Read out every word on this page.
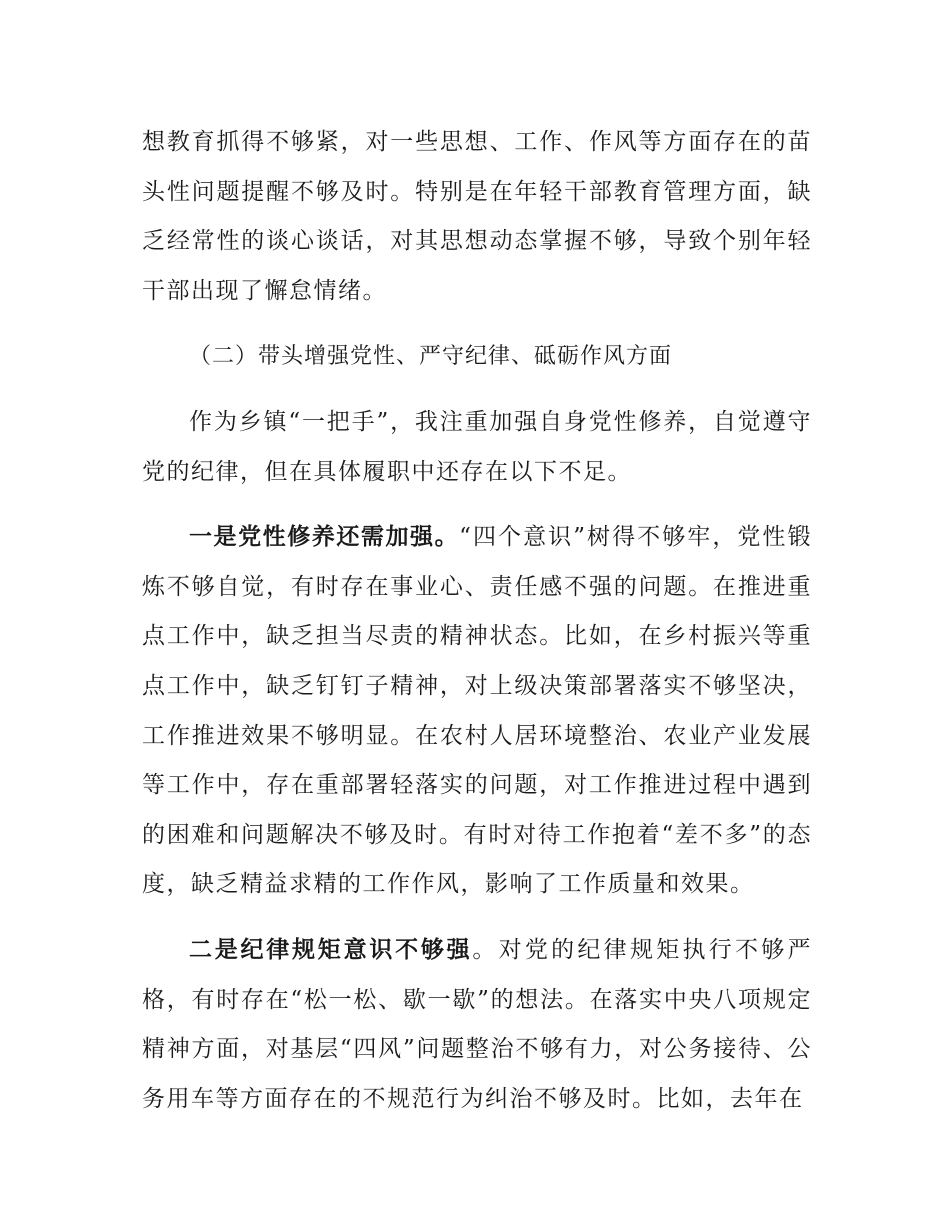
想教育抓得不够紧，对一些思想、工作、作风等方面存在的苗头性问题提醒不够及时。特别是在年轻干部教育管理方面，缺乏经常性的谈心谈话，对其思想动态掌握不够，导致个别年轻干部出现了懈怠情绪。

（二）带头增强党性、严守纪律、砥砺作风方面

作为乡镇“一把手”，我注重加强自身党性修养，自觉遵守党的纪律，但在具体履职中还存在以下不足。

一是党性修养还需加强。“四个意识”树得不够牢，党性锻炼不够自觉，有时存在事业心、责任感不强的问题。在推进重点工作中，缺乏担当尽责的精神状态。比如，在乡村振兴等重点工作中，缺乏钉钉子精神，对上级决策部署落实不够坚决，工作推进效果不够明显。在农村人居环境整治、农业产业发展等工作中，存在重部署轻落实的问题，对工作推进过程中遇到的困难和问题解决不够及时。有时对待工作抱着“差不多”的态度，缺乏精益求精的工作作风，影响了工作质量和效果。

二是纪律规矩意识不够强。对党的纪律规矩执行不够严格，有时存在“松一松、歇一歇”的想法。在落实中央八项规定精神方面，对基层“四风”问题整治不够有力，对公务接待、公务用车等方面存在的不规范行为纠治不够及时。比如，去年在
